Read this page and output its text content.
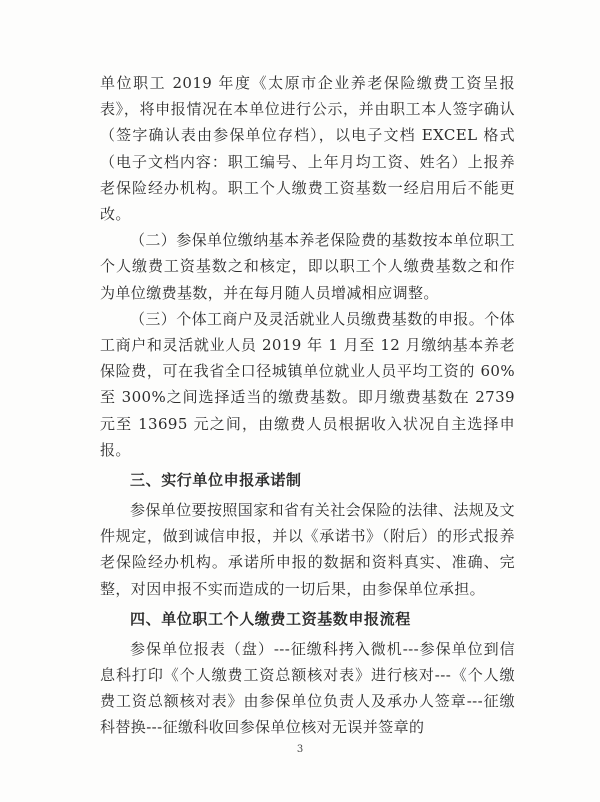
单位职工 2019 年度《太原市企业养老保险缴费工资呈报表》，将申报情况在本单位进行公示，并由职工本人签字确认（签字确认表由参保单位存档），以电子文档 EXCEL 格式（电子文档内容：职工编号、上年月均工资、姓名）上报养老保险经办机构。职工个人缴费工资基数一经启用后不能更改。

（二）参保单位缴纳基本养老保险费的基数按本单位职工个人缴费工资基数之和核定，即以职工个人缴费基数之和作为单位缴费基数，并在每月随人员增减相应调整。

（三）个体工商户及灵活就业人员缴费基数的申报。个体工商户和灵活就业人员 2019 年 1 月至 12 月缴纳基本养老保险费，可在我省全口径城镇单位就业人员平均工资的 60%至 300%之间选择适当的缴费基数。即月缴费基数在 2739 元至 13695 元之间，由缴费人员根据收入状况自主选择申报。

三、实行单位申报承诺制

参保单位要按照国家和省有关社会保险的法律、法规及文件规定，做到诚信申报，并以《承诺书》（附后）的形式报养老保险经办机构。承诺所申报的数据和资料真实、准确、完整，对因申报不实而造成的一切后果，由参保单位承担。

四、单位职工个人缴费工资基数申报流程

参保单位报表（盘）---征缴科拷入微机---参保单位到信息科打印《个人缴费工资总额核对表》进行核对---《个人缴费工资总额核对表》由参保单位负责人及承办人签章---征缴科替换---征缴科收回参保单位核对无误并签章的

3
